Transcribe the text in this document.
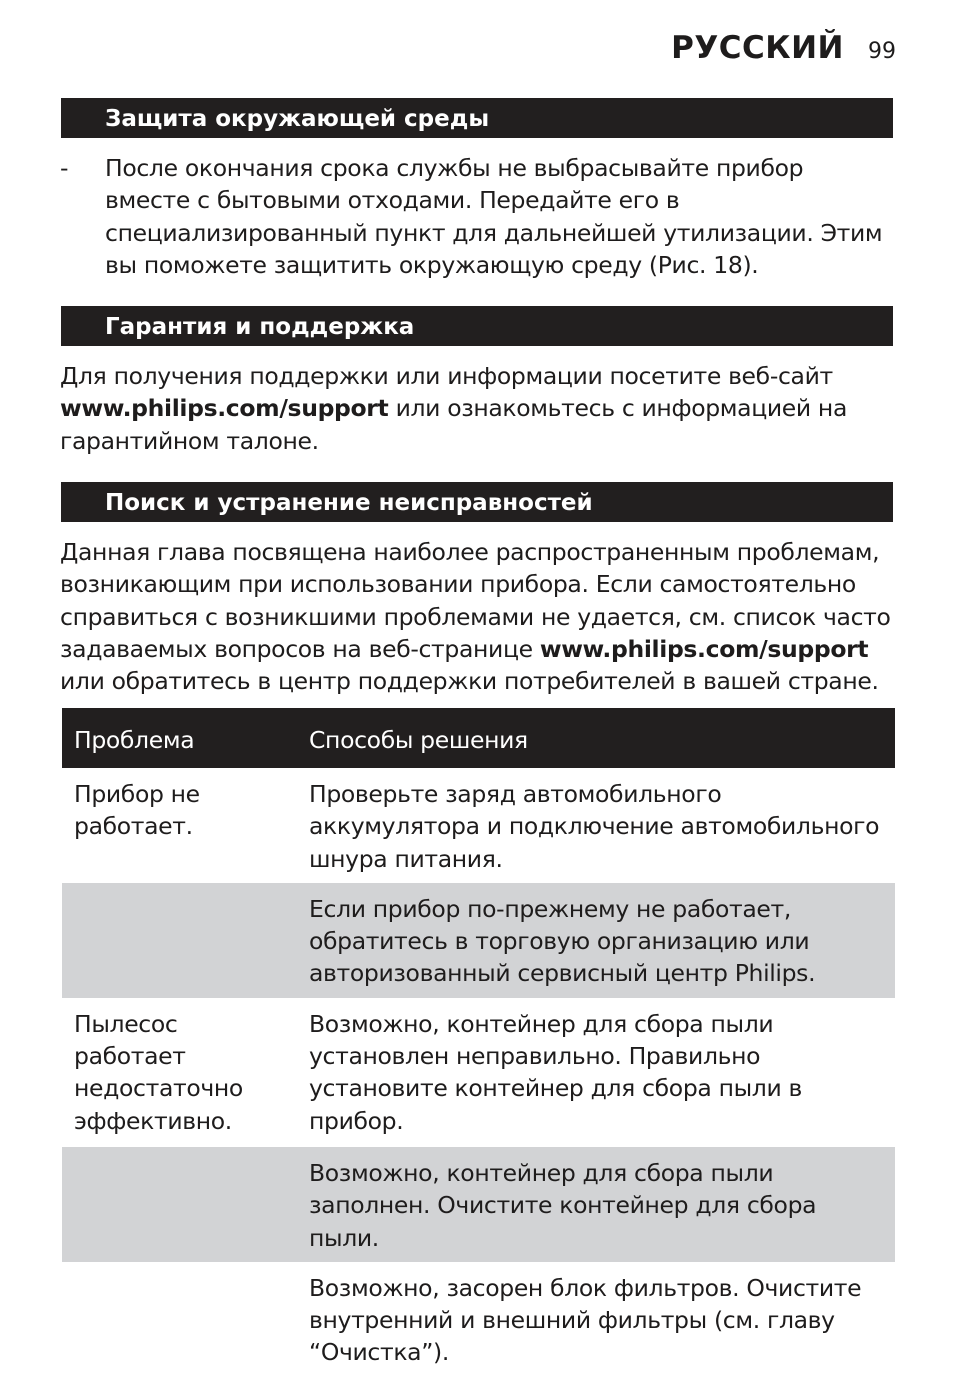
РУССКИЙ 99
Защита окружающей среды
- После окончания срока службы не выбрасывайте прибор вместе с бытовыми отходами. Передайте его в специализированный пункт для дальнейшей утилизации. Этим вы поможете защитить окружающую среду (Рис. 18).
Гарантия и поддержка
Для получения поддержки или информации посетите веб-сайт www.philips.com/support или ознакомьтесь с информацией на гарантийном талоне.
Поиск и устранение неисправностей
Данная глава посвящена наиболее распространенным проблемам, возникающим при использовании прибора. Если самостоятельно справиться с возникшими проблемами не удается, см. список часто задаваемых вопросов на веб-странице www.philips.com/support или обратитесь в центр поддержки потребителей в вашей стране.
Проблема	Способы решения
Прибор не работает.	Проверьте заряд автомобильного аккумулятора и подключение автомобильного шнура питания.
	Если прибор по-прежнему не работает, обратитесь в торговую организацию или авторизованный сервисный центр Philips.
Пылесос работает недостаточно эффективно.	Возможно, контейнер для сбора пыли установлен неправильно. Правильно установите контейнер для сбора пыли в прибор.
	Возможно, контейнер для сбора пыли заполнен. Очистите контейнер для сбора пыли.
	Возможно, засорен блок фильтров. Очистите внутренний и внешний фильтры (см. главу “Очистка”).
